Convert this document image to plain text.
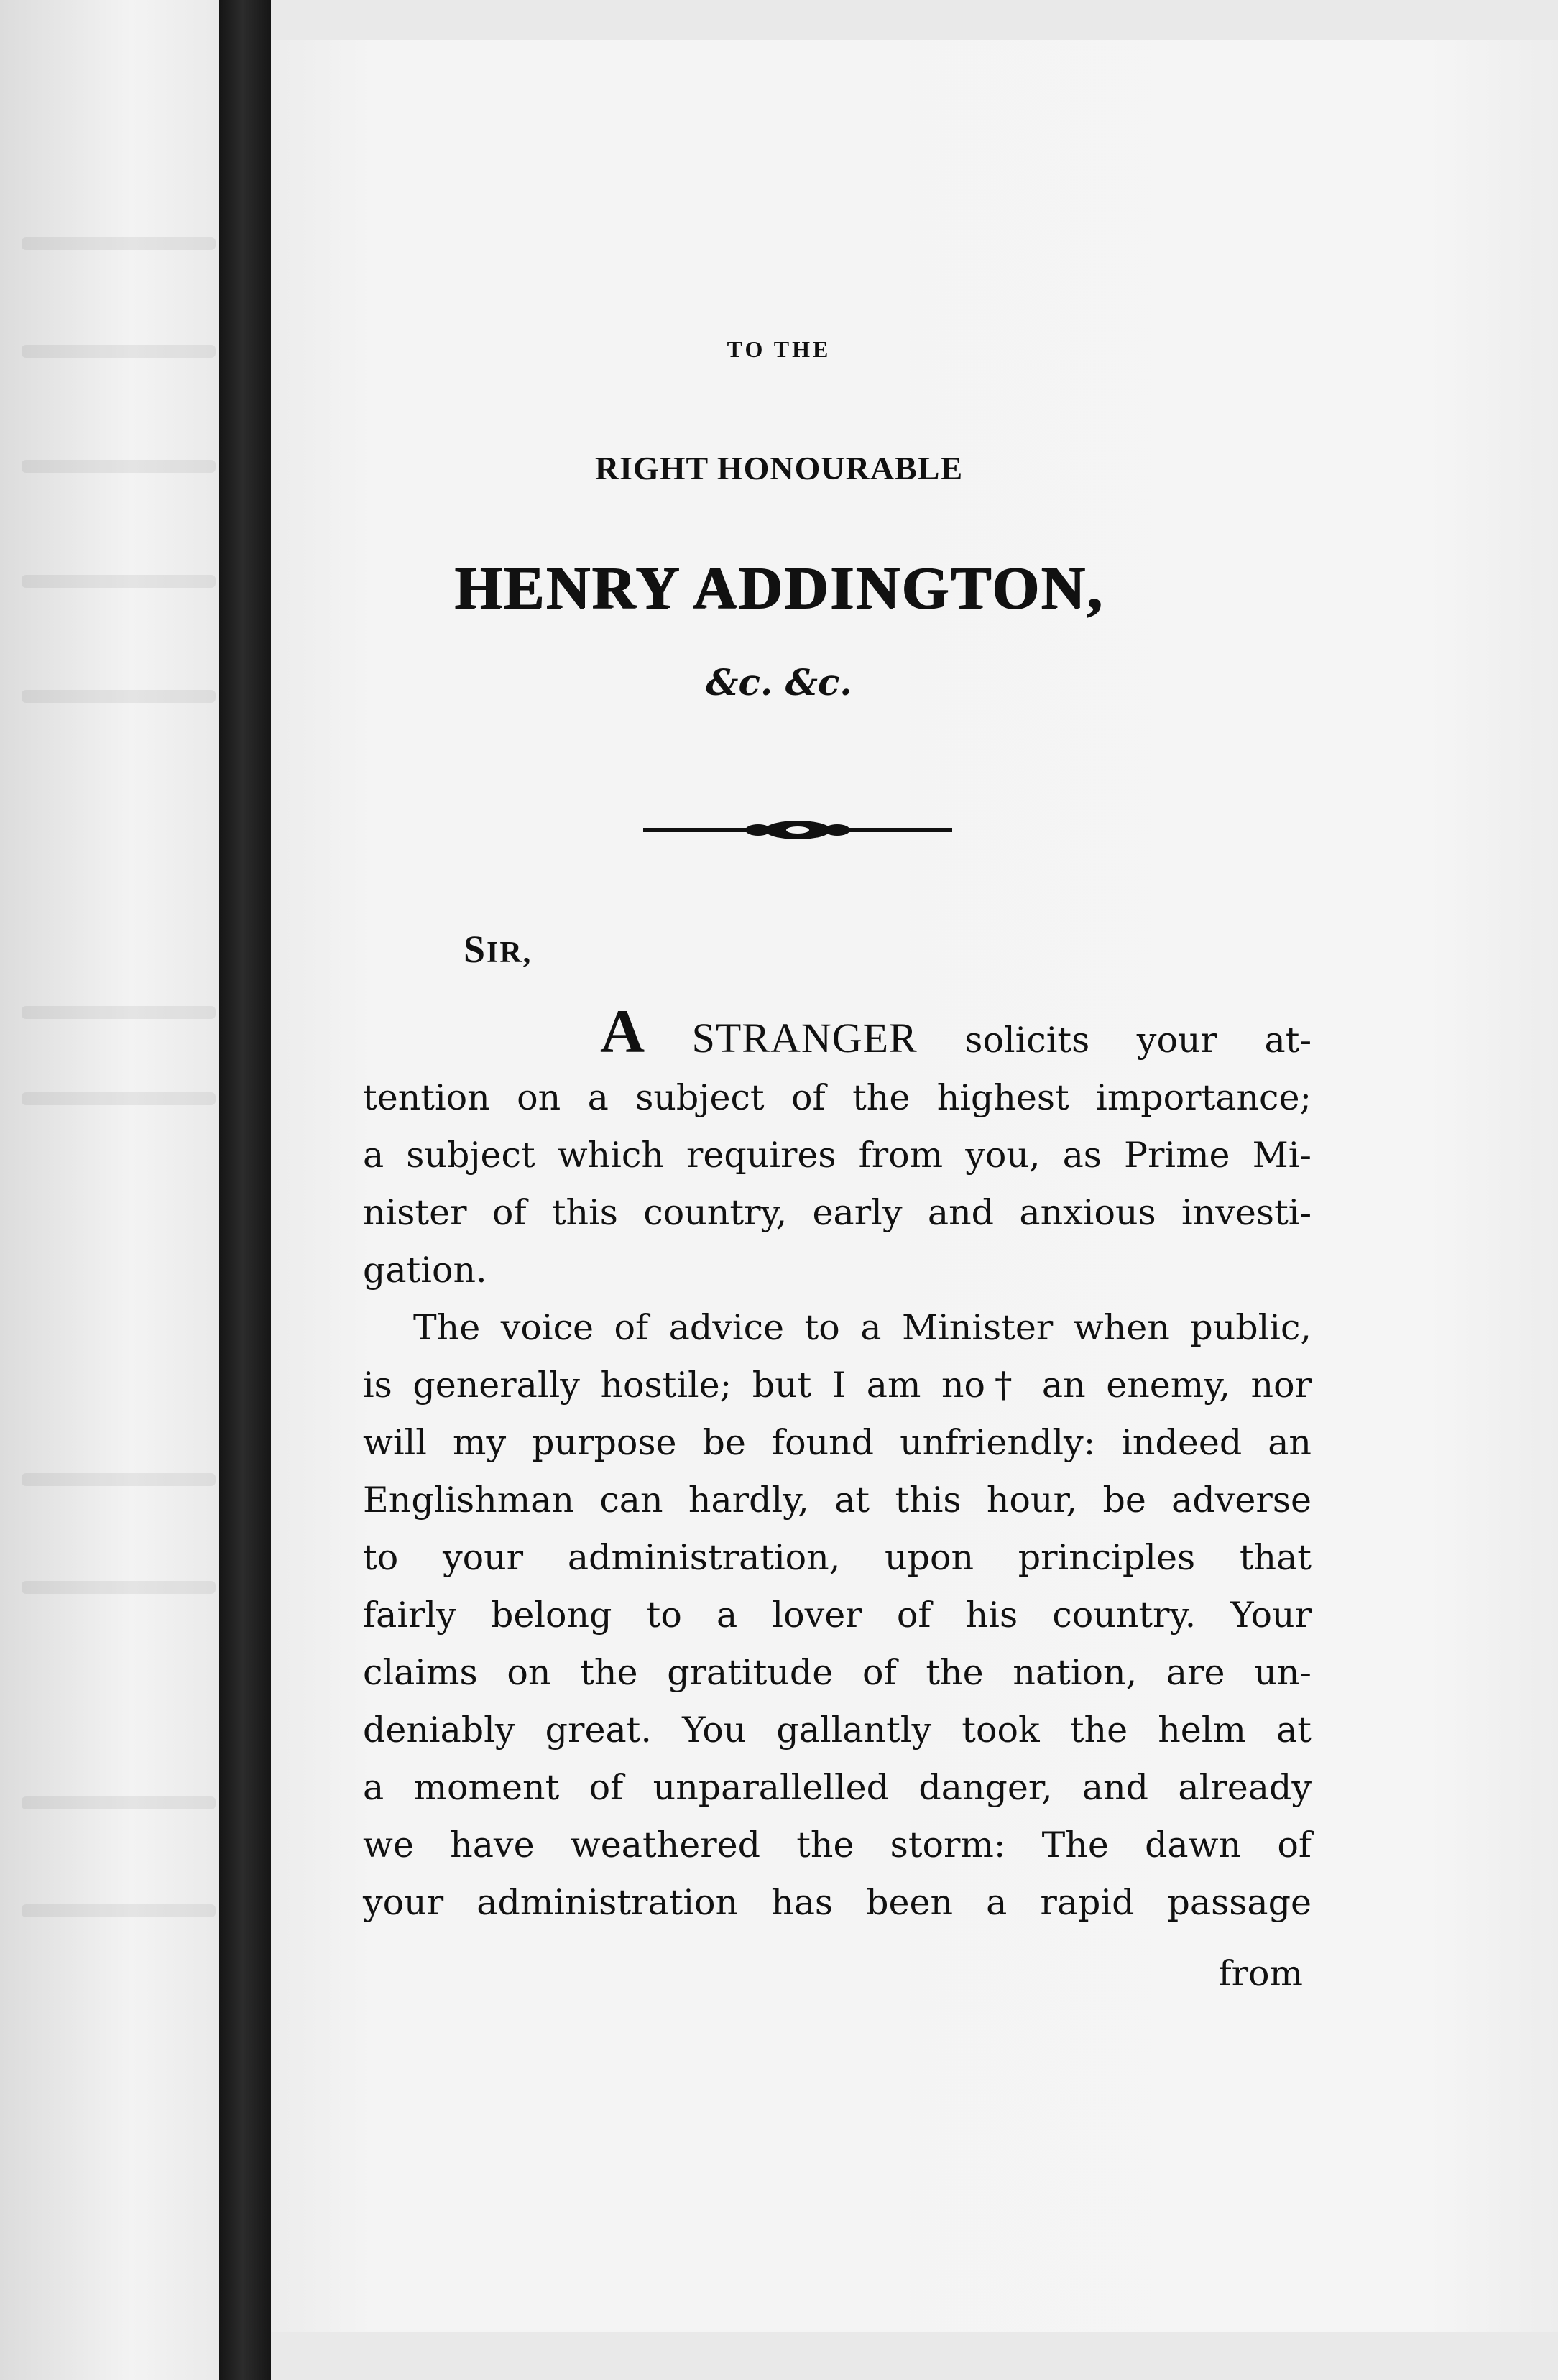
TO THE
RIGHT HONOURABLE
HENRY ADDINGTON,
&c. &c.
SIR,
A STRANGER solicits your at-
tention on a subject of the highest importance;
a subject which requires from you, as Prime Mi-
nister of this country, early and anxious investi-
gation.
The voice of advice to a Minister when public,
is generally hostile; but I am no† an enemy, nor
will my purpose be found unfriendly: indeed an
Englishman can hardly, at this hour, be adverse
to your administration, upon principles that
fairly belong to a lover of his country. Your
claims on the gratitude of the nation, are un-
deniably great. You gallantly took the helm at
a moment of unparallelled danger, and already
we have weathered the storm: The dawn of
your administration has been a rapid passage
from
